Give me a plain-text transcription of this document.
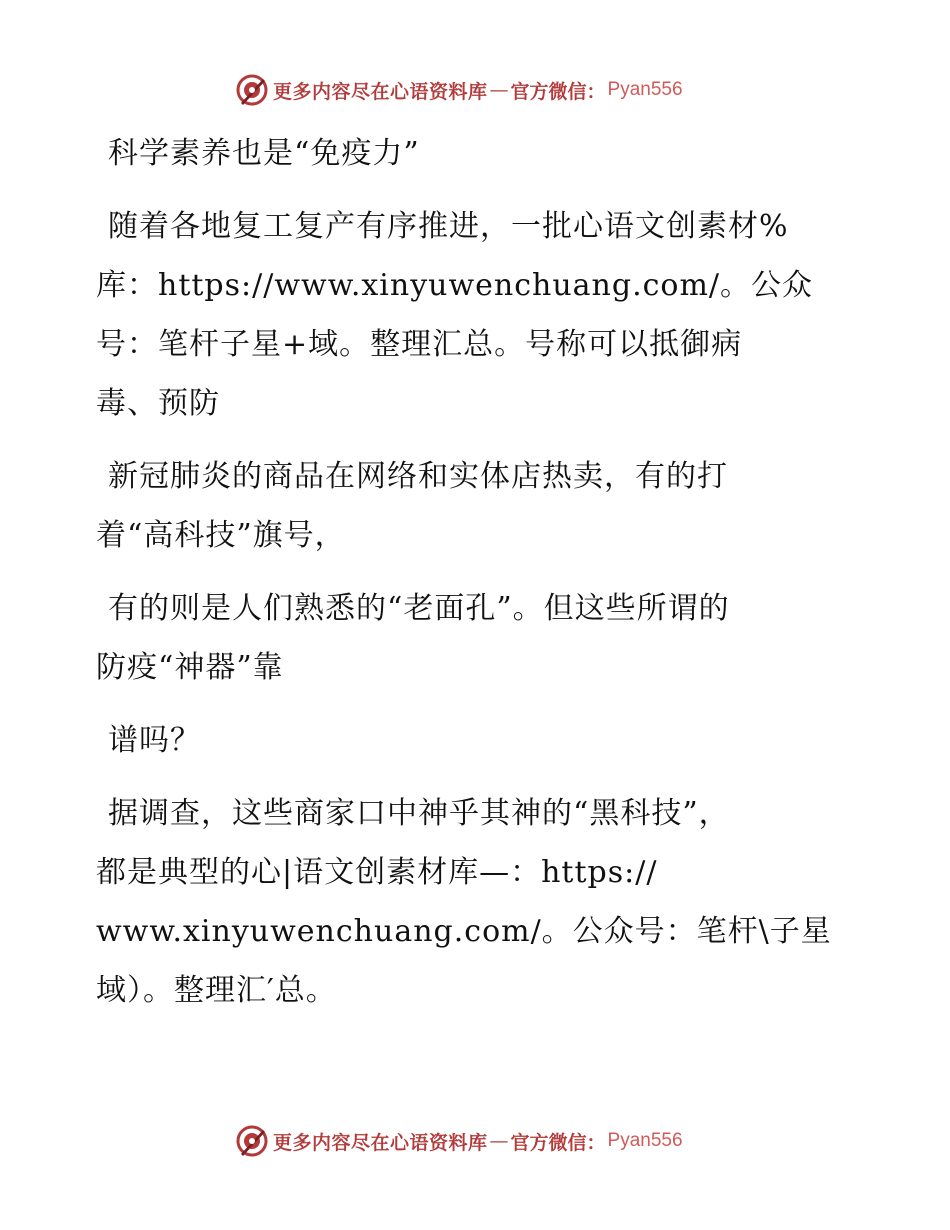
更多内容尽在心语资料库 — 官方微信： Pyan556

科学素养也是“免疫力”

随着各地复工复产有序推进，一批心语文创素材%
库：https://www.xinyuwenchuang.com/。公众
号：笔杆子星+域。整理汇总。号称可以抵御病
毒、预防

新冠肺炎的商品在网络和实体店热卖，有的打
着“高科技”旗号，

有的则是人们熟悉的“老面孔”。但这些所谓的
防疫“神器”靠

谱吗？

据调查，这些商家口中神乎其神的“黑科技”，
都是典型的心|语文创素材库—：https://
www.xinyuwenchuang.com/。公众号：笔杆\子星
域）。整理汇′总。

更多内容尽在心语资料库 — 官方微信： Pyan556
